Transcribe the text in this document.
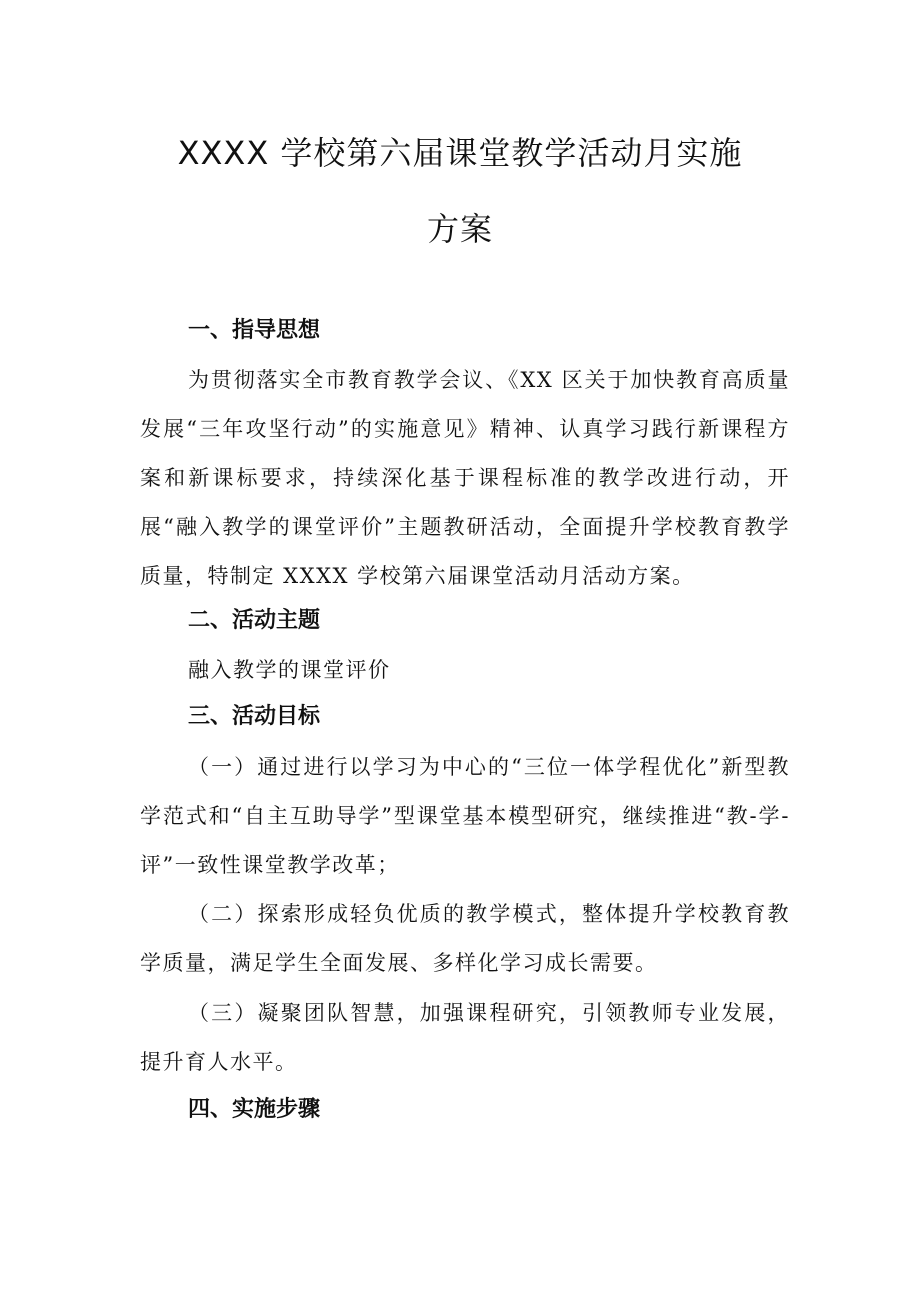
XXXX 学校第六届课堂教学活动月实施
方案
一、指导思想

为贯彻落实全市教育教学会议、《XX 区关于加快教育高质量发展“三年攻坚行动”的实施意见》精神、认真学习践行新课程方案和新课标要求，持续深化基于课程标准的教学改进行动，开展“融入教学的课堂评价”主题教研活动，全面提升学校教育教学质量，特制定 XXXX 学校第六届课堂活动月活动方案。

二、活动主题

融入教学的课堂评价

三、活动目标

（一）通过进行以学习为中心的“三位一体学程优化”新型教学范式和“自主互助导学”型课堂基本模型研究，继续推进“教-学-评”一致性课堂教学改革；

（二）探索形成轻负优质的教学模式，整体提升学校教育教学质量，满足学生全面发展、多样化学习成长需要。

（三）凝聚团队智慧，加强课程研究，引领教师专业发展，提升育人水平。

四、实施步骤
